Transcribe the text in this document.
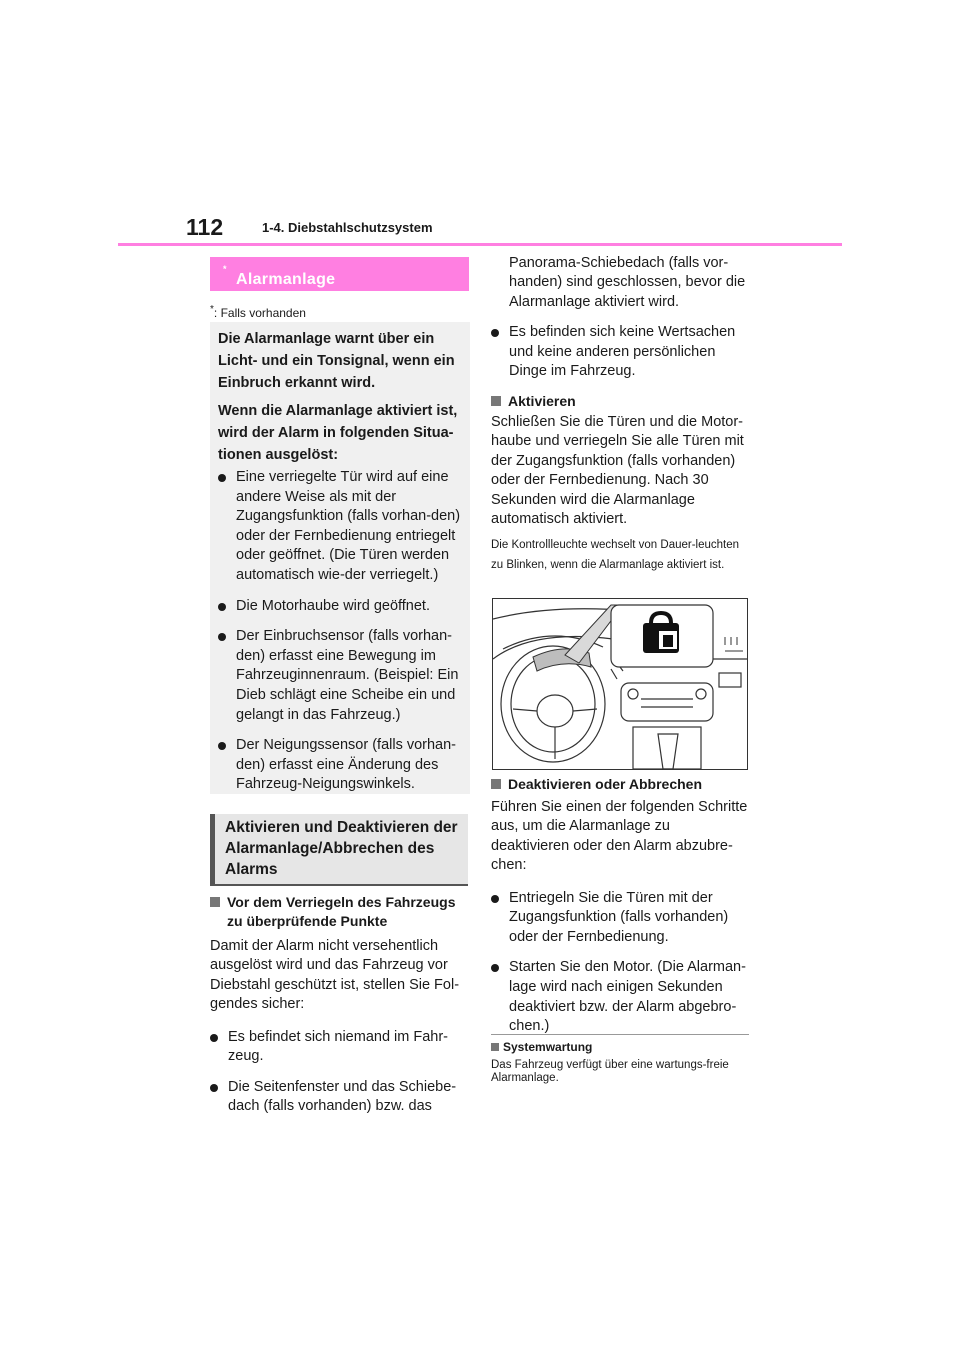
112	1-4. Diebstahlschutzsystem
Alarmanlage
*
*: Falls vorhanden

Die Alarmanlage warnt über ein Licht- und ein Tonsignal, wenn ein Einbruch erkannt wird.

Wenn die Alarmanlage aktiviert ist, wird der Alarm in folgenden Situa-tionen ausgelöst:

Eine verriegelte Tür wird auf eine andere Weise als mit der Zugangsfunktion (falls vorhan-den) oder der Fernbedienung entriegelt oder geöffnet. (Die Türen werden automatisch wie-der verriegelt.)
Die Motorhaube wird geöffnet.
Der Einbruchsensor (falls vorhan-den) erfasst eine Bewegung im Fahrzeuginnenraum. (Beispiel: Ein Dieb schlägt eine Scheibe ein und gelangt in das Fahrzeug.)
Der Neigungssensor (falls vorhan-den) erfasst eine Änderung des Fahrzeug-Neigungswinkels.
Aktivieren und Deaktivieren der Alarmanlage/Abbrechen des Alarms
Vor dem Verriegeln des Fahrzeugs zu überprüfende Punkte
Damit der Alarm nicht versehentlich ausgelöst wird und das Fahrzeug vor Diebstahl geschützt ist, stellen Sie Fol-gendes sicher:
Es befindet sich niemand im Fahr-zeug.
Die Seitenfenster und das Schiebe-dach (falls vorhanden) bzw. das
Panorama-Schiebedach (falls vor-handen) sind geschlossen, bevor die Alarmanlage aktiviert wird.
Es befinden sich keine Wertsachen und keine anderen persönlichen Dinge im Fahrzeug.
Aktivieren
Schließen Sie die Türen und die Motor-haube und verriegeln Sie alle Türen mit der Zugangsfunktion (falls vorhanden) oder der Fernbedienung. Nach 30 Sekunden wird die Alarmanlage automatisch aktiviert.
Die Kontrollleuchte wechselt von Dauer-leuchten zu Blinken, wenn die Alarmanlage aktiviert ist.
Deaktivieren oder Abbrechen
Führen Sie einen der folgenden Schritte aus, um die Alarmanlage zu deaktivieren oder den Alarm abzubre-chen:
Entriegeln Sie die Türen mit der Zugangsfunktion (falls vorhanden) oder der Fernbedienung.
Starten Sie den Motor. (Die Alarman-lage wird nach einigen Sekunden deaktiviert bzw. der Alarm abgebro-chen.)
Systemwartung
Das Fahrzeug verfügt über eine wartungs-freie Alarmanlage.
